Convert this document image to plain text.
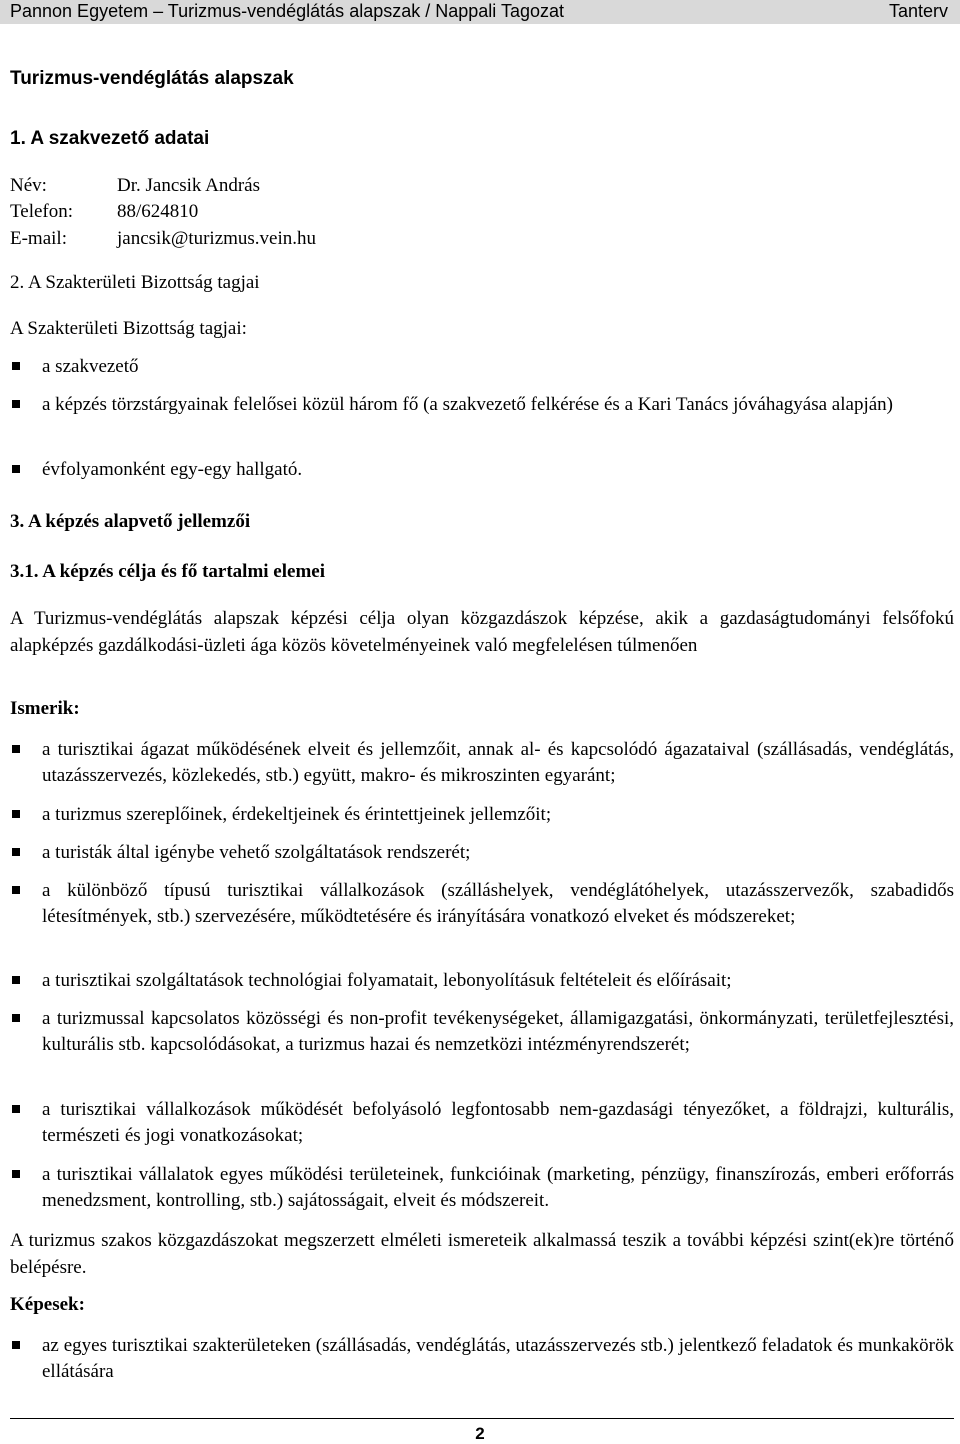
Pannon Egyetem – Turizmus-vendéglátás alapszak / Nappali Tagozat	Tanterv
Turizmus-vendéglátás alapszak
1. A szakvezető adatai
Név:	Dr. Jancsik András
Telefon: 88/624810
E-mail:	jancsik@turizmus.vein.hu
2. A Szakterületi Bizottság tagjai
A Szakterületi Bizottság tagjai:
a szakvezető
a képzés törzstárgyainak felelősei közül három fő (a szakvezető felkérése és a Kari Tanács jóváhagyása alapján)
évfolyamonként egy-egy hallgató.
3. A képzés alapvető jellemzői
3.1. A képzés célja és fő tartalmi elemei
A Turizmus-vendéglátás alapszak képzési célja olyan közgazdászok képzése, akik a gazdaságtudományi felsőfokú alapképzés gazdálkodási-üzleti ága közös követelményeinek való megfelelésen túlmenően
Ismerik:
a turisztikai ágazat működésének elveit és jellemzőit, annak al- és kapcsolódó ágazataival (szállásadás, vendéglátás, utazásszervezés, közlekedés, stb.) együtt, makro- és mikroszinten egyaránt;
a turizmus szereplőinek, érdekeltjeinek és érintettjeinek jellemzőit;
a turisták által igénybe vehető szolgáltatások rendszerét;
a különböző típusú turisztikai vállalkozások (szálláshelyek, vendéglátóhelyek, utazásszervezők, szabadidős létesítmények, stb.) szervezésére, működtetésére és irányítására vonatkozó elveket és módszereket;
a turisztikai szolgáltatások technológiai folyamatait, lebonyolításuk feltételeit és előírásait;
a turizmussal kapcsolatos közösségi és non-profit tevékenységeket, államigazgatási, önkormányzati, területfejlesztési, kulturális stb. kapcsolódásokat, a turizmus hazai és nemzetközi intézményrendszerét;
a turisztikai vállalkozások működését befolyásoló legfontosabb nem-gazdasági tényezőket, a földrajzi, kulturális, természeti és jogi vonatkozásokat;
a turisztikai vállalatok egyes működési területeinek, funkcióinak (marketing, pénzügy, finanszírozás, emberi erőforrás menedzsment, kontrolling, stb.) sajátosságait, elveit és módszereit.
A turizmus szakos közgazdászokat megszerzett elméleti ismereteik alkalmassá teszik a további képzési szint(ek)re történő belépésre.
Képesek:
az egyes turisztikai szakterületeken (szállásadás, vendéglátás, utazásszervezés stb.) jelentkező feladatok és munkakörök ellátására
2
